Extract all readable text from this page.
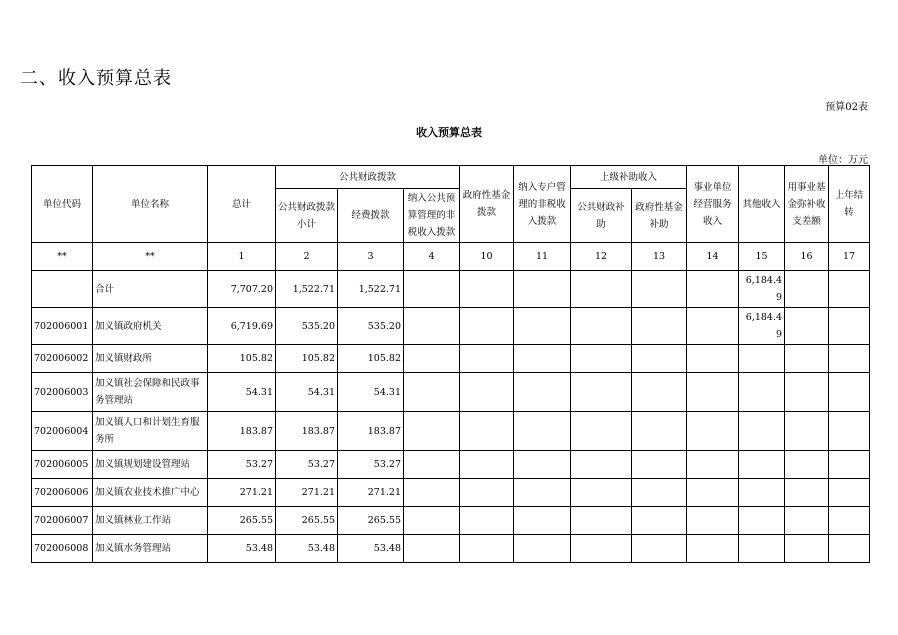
二、收入预算总表
预算02表
收入预算总表
单位：万元
单位代码	单位名称	总计	公共财政拨款			政府性基金拨款	纳入专户管理的非税收入拨款	上级补助收入		事业单位经营服务收入	其他收入	用事业基金弥补收支差额	上年结转
			公共财政拨款小计	经费拨款	纳入公共预算管理的非税收入拨款								
								公共财政补助	政府性基金补助				
**	**	1	2	3	4	10	11	12	13	14	15	16	17
	合计	7,707.20	1,522.71	1,522.71							6,184.49		
702006001	加义镇政府机关	6,719.69	535.20	535.20							6,184.49		
702006002	加义镇财政所	105.82	105.82	105.82									
702006003	加义镇社会保障和民政事务管理站	54.31	54.31	54.31									
702006004	加义镇人口和计划生育服务所	183.87	183.87	183.87									
702006005	加义镇规划建设管理站	53.27	53.27	53.27									
702006006	加义镇农业技术推广中心	271.21	271.21	271.21									
702006007	加义镇林业工作站	265.55	265.55	265.55									
702006008	加义镇水务管理站	53.48	53.48	53.48									
